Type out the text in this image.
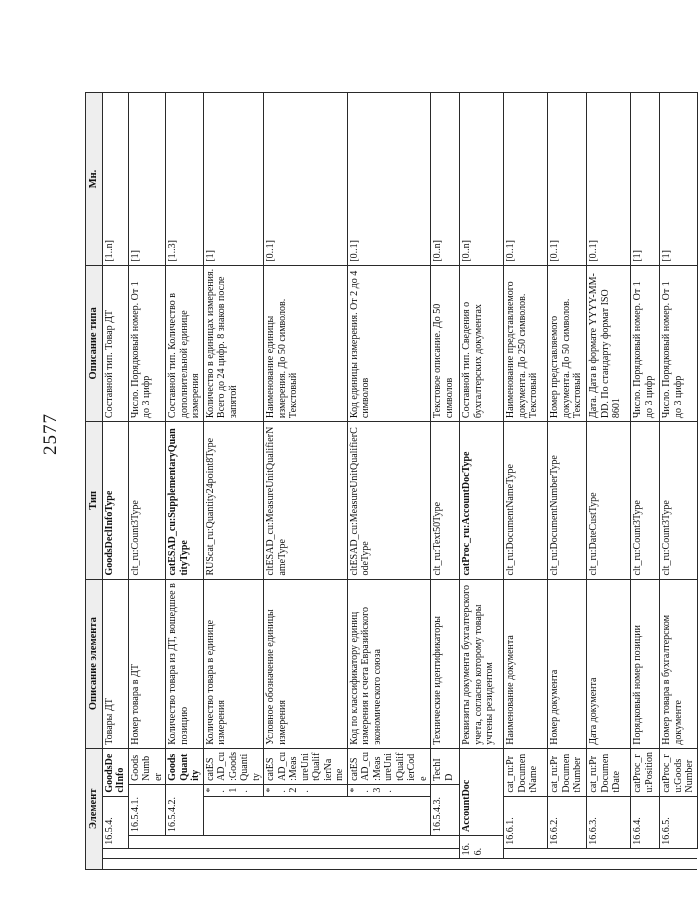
2577
Элемент						Описание элемента	Тип	Описание типа	Мн.
		16.5.4.		GoodsDeclInfo		Товары ДТ	GoodsDeclInfoType	Составной тип. Товар ДТ	[1..n]
			16.5.4.1.		GoodsNumber	Номер товара в ДТ	clt_ru:Count3Type	Число. Порядковый номер. От 1 до 3 цифр	[1]
			16.5.4.2.		GoodsQuantity	Количество товара из ДТ, вошедшее в позицию	catESAD_cu:SupplementaryQuantityType	Составной тип. Количество в дополнительной единице измерения	[1..3]
				*.1.	catESAD_cu:GoodsQuantity	Количество товара в единице измерения	RUScat_ru:Quantity24point8Type	Количество в единицах измерения. Всего до 24 цифр. 8 знаков после запятой	[1]
				*.2.	catESAD_cu:MeasureUnitQualifierName	Условное обозначение единицы измерения	cltESAD_cu:MeasureUnitQualifierNameType	Наименование единицы измерения. До 50 символов. Текстовый	[0..1]
				*.3.	catESAD_cu:MeasureUnitQualifierCode	Код по классификатору единиц измерения и счета Евразийского экономического союза	cltESAD_cu:MeasureUnitQualifierCodeType	Код единицы измерения. От 2 до 4 символов	[0..1]
			16.5.4.3.		TechID	Технические идентификаторы	clt_ru:Text50Type	Текстовое описание. До 50 символов	[0..n]
	16.6.		AccountDoc			Реквизиты документа бухгалтерского учета, согласно которому товары учтены резидентом	catProc_ru:AccountDocType	Составной тип. Сведения о бухгалтерских документах	[0..n]
		16.6.1.		cat_ru:PrDocumentName		Наименование документа	clt_ru:DocumentNameType	Наименование представляемого документа. До 250 символов. Текстовый	[0..1]
		16.6.2.		cat_ru:PrDocumentNumber		Номер документа	clt_ru:DocumentNumberType	Номер представляемого документа. До 50 символов. Текстовый	[0..1]
		16.6.3.		cat_ru:PrDocumentDate		Дата документа	clt_ru:DateCustType	Дата. Дата в формате YYYY-MM-DD. По стандарту формат ISO 8601	[0..1]
		16.6.4.		catProc_ru:Position		Порядковый номер позиции	clt_ru:Count3Type	Число. Порядковый номер. От 1 до 3 цифр	[1]
		16.6.5.		catProc_ru:GoodsNumber		Номер товара в бухгалтерском документе	clt_ru:Count3Type	Число. Порядковый номер. От 1 до 3 цифр	[1]
